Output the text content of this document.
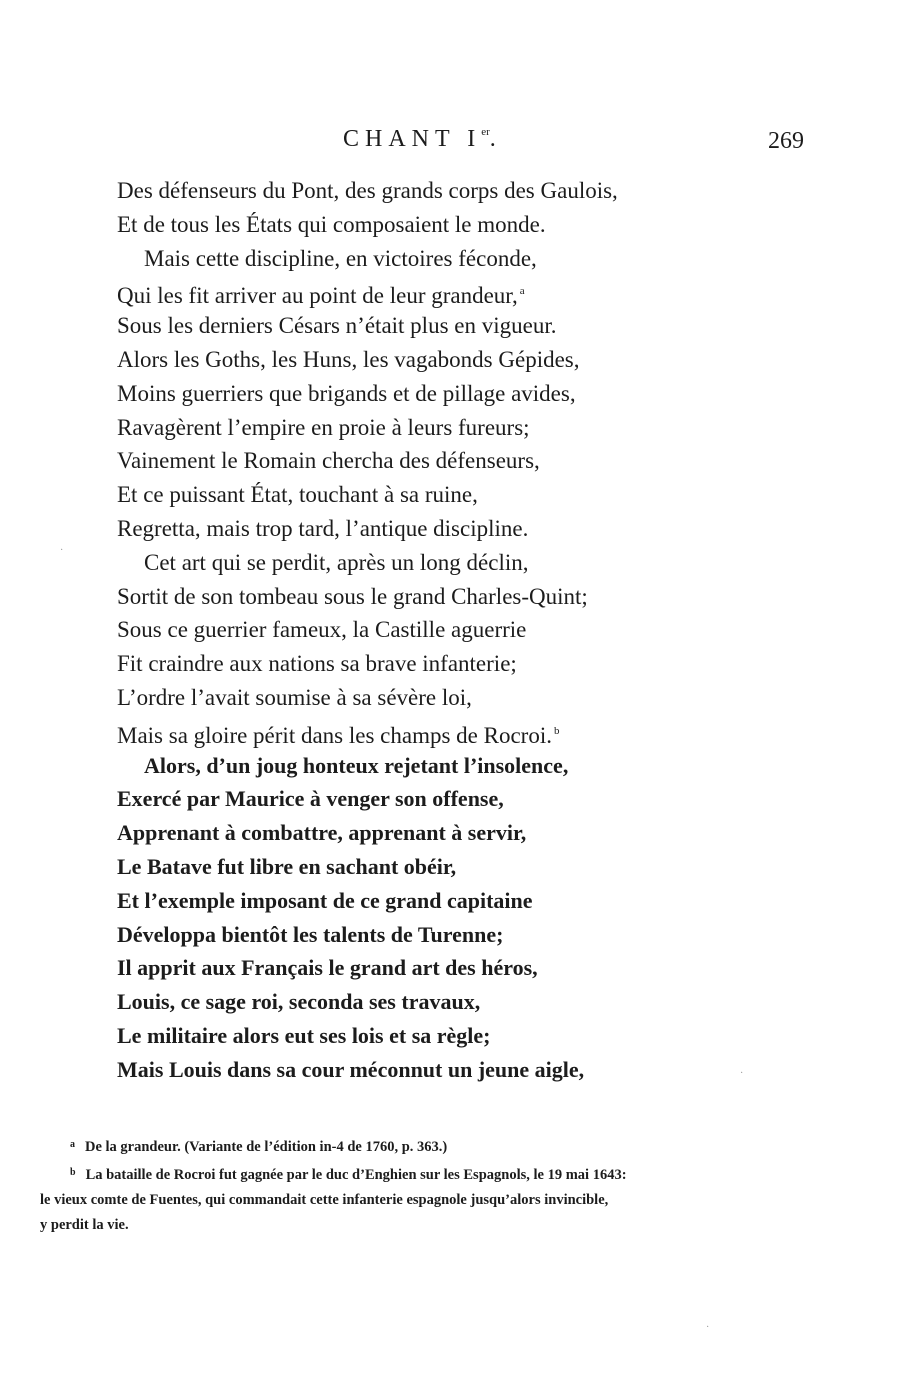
CHANT Ier.	269
Des défenseurs du Pont, des grands corps des Gaulois,
Et de tous les États qui composaient le monde.
Mais cette discipline, en victoires féconde,
Qui les fit arriver au point de leur grandeur, $^a$
Sous les derniers Césars n’était plus en vigueur.
Alors les Goths, les Huns, les vagabonds Gépides,
Moins guerriers que brigands et de pillage avides,
Ravagèrent l’empire en proie à leurs fureurs;
Vainement le Romain chercha des défenseurs,
Et ce puissant État, touchant à sa ruine,
Regretta, mais trop tard, l’antique discipline.
Cet art qui se perdit, après un long déclin,
Sortit de son tombeau sous le grand Charles-Quint;
Sous ce guerrier fameux, la Castille aguerrie
Fit craindre aux nations sa brave infanterie;
L’ordre l’avait soumise à sa sévère loi,
Mais sa gloire périt dans les champs de Rocroi. $^b$
Alors, d’un joug honteux rejetant l’insolence,
Exercé par Maurice à venger son offense,
Apprenant à combattre, apprenant à servir,
Le Batave fut libre en sachant obéir,
Et l’exemple imposant de ce grand capitaine
Développa bientôt les talents de Turenne;
Il apprit aux Français le grand art des héros,
Louis, ce sage roi, seconda ses travaux,
Le militaire alors eut ses lois et sa règle;
Mais Louis dans sa cour méconnut un jeune aigle,
$^a$ De la grandeur. (Variante de l’édition in-4 de 1760, p. 363.)
$^b$ La bataille de Rocroi fut gagnée par le duc d’Enghien sur les Espagnols, le 19 mai 1643:
le vieux comte de Fuentes, qui commandait cette infanterie espagnole jusqu’alors invincible,
y perdit la vie.
·
·
·
